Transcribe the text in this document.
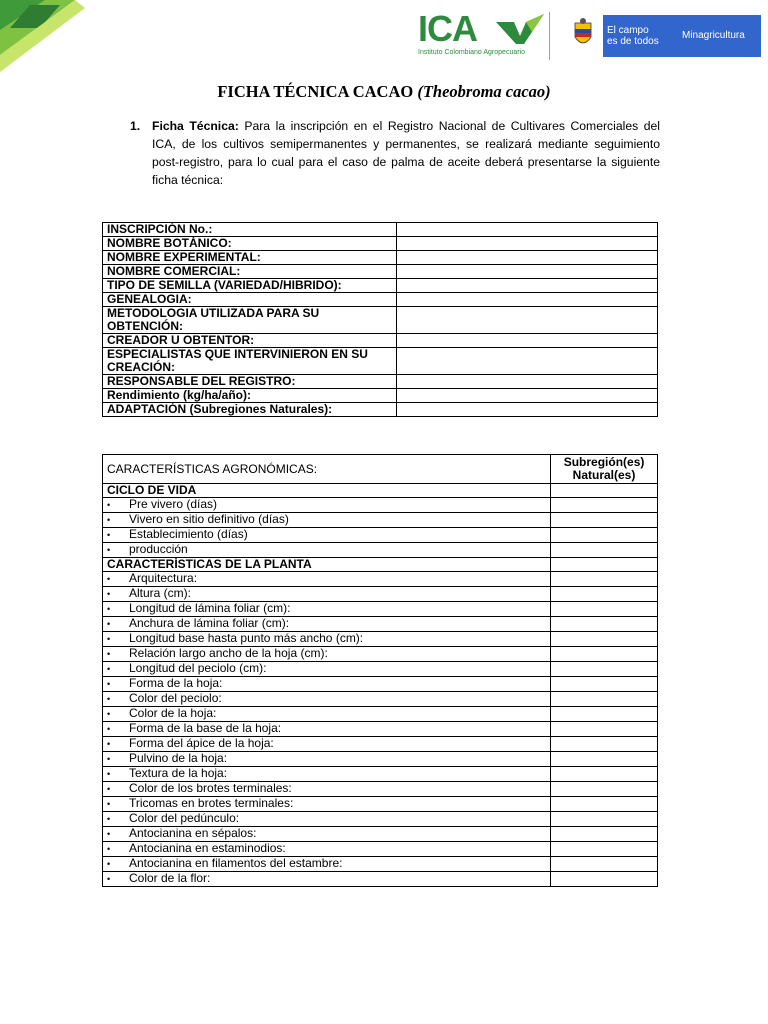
ICA
Instituto Colombiano Agropecuario
El campo
es de todos
Minagricultura
FICHA TÉCNICA CACAO (Theobroma cacao)
1. Ficha Técnica: Para la inscripción en el Registro Nacional de Cultivares Comerciales del ICA, de los cultivos semipermanentes y permanentes, se realizará mediante seguimiento post-registro, para lo cual para el caso de palma de aceite deberá presentarse la siguiente ficha técnica:
INSCRIPCIÓN No.:	
NOMBRE BOTÁNICO:	
NOMBRE EXPERIMENTAL:	
NOMBRE COMERCIAL:	
TIPO DE SEMILLA (VARIEDAD/HIBRIDO):	
GENEALOGIA:	
METODOLOGIA UTILIZADA PARA SU OBTENCIÓN:	
CREADOR U OBTENTOR:	
ESPECIALISTAS QUE INTERVINIERON EN SU CREACIÓN:	
RESPONSABLE DEL REGISTRO:	
Rendimiento (kg/ha/año):	
ADAPTACIÓN (Subregiones Naturales):	
CARACTERÍSTICAS AGRONÓMICAS:	Subregión(es) Natural(es)
CICLO DE VIDA	
• Pre vivero (días)	
• Vivero en sitio definitivo (días)	
• Establecimiento (días)	
• producción	
CARACTERÍSTICAS DE LA PLANTA	
• Arquitectura:	
• Altura (cm):	
• Longitud de lámina foliar (cm):	
• Anchura de lámina foliar (cm):	
• Longitud base hasta punto más ancho (cm):	
• Relación largo ancho de la hoja (cm):	
• Longitud del peciolo (cm):	
• Forma de la hoja:	
• Color del peciolo:	
• Color de la hoja:	
• Forma de la base de la hoja:	
• Forma del ápice de la hoja:	
• Pulvino de la hoja:	
• Textura de la hoja:	
• Color de los brotes terminales:	
• Tricomas en brotes terminales:	
• Color del pedúnculo:	
• Antocianina en sépalos:	
• Antocianina en estaminodios:	
• Antocianina en filamentos del estambre:	
• Color de la flor:	
